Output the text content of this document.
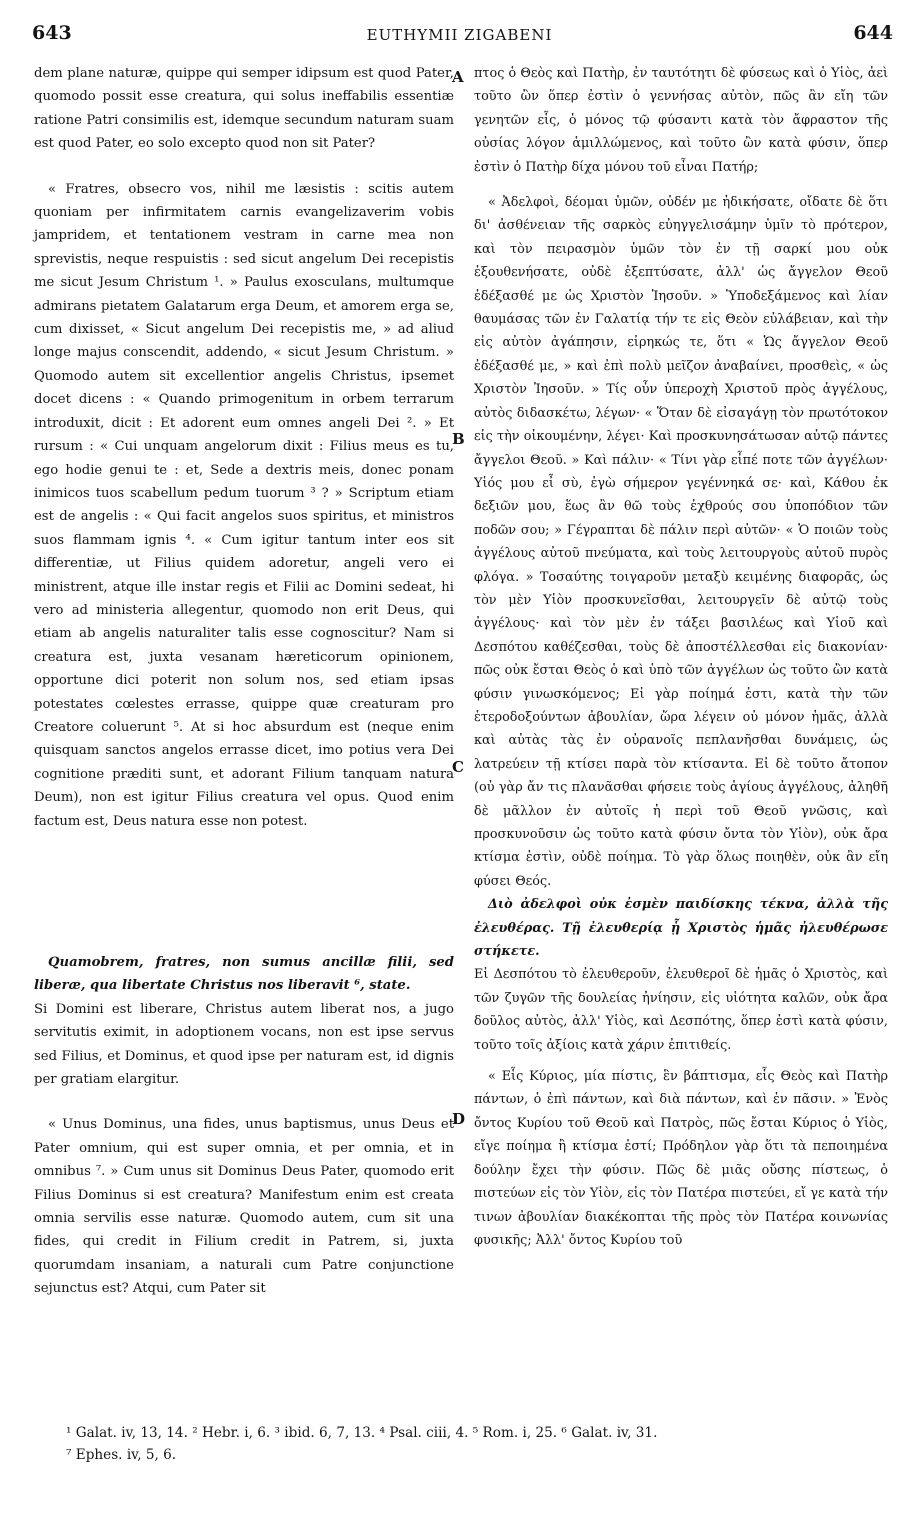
643	EUTHYMII ZIGABENI	644
A
B
C
D

dem plane naturæ, quippe qui semper idipsum est quod Pater, quomodo possit esse creatura, qui solus ineffabilis essentiæ ratione Patri consimilis est, idemque secundum naturam suam est quod Pater, eo solo excepto quod non sit Pater?

« Fratres, obsecro vos, nihil me læsistis : scitis autem quoniam per infirmitatem carnis evangelizaverim vobis jampridem, et tentationem vestram in carne mea non sprevistis, neque respuistis : sed sicut angelum Dei recepistis me sicut Jesum Christum ¹. » Paulus exosculans, multumque admirans pietatem Galatarum erga Deum, et amorem erga se, cum dixisset, « Sicut angelum Dei recepistis me, » ad aliud longe majus conscendit, addendo, « sicut Jesum Christum. » Quomodo autem sit excellentior angelis Christus, ipsemet docet dicens : « Quando primogenitum in orbem terrarum introduxit, dicit : Et adorent eum omnes angeli Dei ². » Et rursum : « Cui unquam angelorum dixit : Filius meus es tu, ego hodie genui te : et, Sede a dextris meis, donec ponam inimicos tuos scabellum pedum tuorum ³ ? » Scriptum etiam est de angelis : « Qui facit angelos suos spiritus, et ministros suos flammam ignis ⁴. « Cum igitur tantum inter eos sit differentiæ, ut Filius quidem adoretur, angeli vero ei ministrent, atque ille instar regis et Filii ac Domini sedeat, hi vero ad ministeria allegentur, quomodo non erit Deus, qui etiam ab angelis naturaliter talis esse cognoscitur? Nam si creatura est, juxta vesanam hæreticorum opinionem, opportune dici poterit non solum nos, sed etiam ipsas potestates cœlestes errasse, quippe quæ creaturam pro Creatore coluerunt ⁵. At si hoc absurdum est (neque enim quisquam sanctos angelos errasse dicet, imo potius vera Dei cognitione præditi sunt, et adorant Filium tanquam natura Deum), non est igitur Filius creatura vel opus. Quod enim factum est, Deus natura esse non potest.

Quamobrem, fratres, non sumus ancillæ filii, sed liberæ, qua libertate Christus nos liberavit ⁶, state.

Si Domini est liberare, Christus autem liberat nos, a jugo servitutis eximit, in adoptionem vocans, non est ipse servus sed Filius, et Dominus, et quod ipse per naturam est, id dignis per gratiam elargitur.

« Unus Dominus, una fides, unus baptismus, unus Deus et Pater omnium, qui est super omnia, et per omnia, et in omnibus ⁷. » Cum unus sit Dominus Deus Pater, quomodo erit Filius Dominus si est creatura? Manifestum enim est creata omnia servilis esse naturæ. Quomodo autem, cum sit una fides, qui credit in Filium credit in Patrem, si, juxta quorumdam insaniam, a naturali cum Patre conjunctione sejunctus est? Atqui, cum Pater sit

πτος ὁ Θεὸς καὶ Πατὴρ, ἐν ταυτότητι δὲ φύσεως καὶ ὁ Υἱὸς, ἀεὶ τοῦτο ὢν ὅπερ ἐστὶν ὁ γεννήσας αὐτὸν, πῶς ἂν εἴη τῶν γενητῶν εἷς, ὁ μόνος τῷ φύσαντι κατὰ τὸν ἄφραστον τῆς οὐσίας λόγον ἁμιλλώμενος, καὶ τοῦτο ὢν κατὰ φύσιν, ὅπερ ἐστὶν ὁ Πατὴρ δίχα μόνου τοῦ εἶναι Πατήρ;

« Ἀδελφοὶ, δέομαι ὑμῶν, οὐδέν με ἠδικήσατε, οἴδατε δὲ ὅτι δι' ἀσθένειαν τῆς σαρκὸς εὐηγγελισάμην ὑμῖν τὸ πρότερον, καὶ τὸν πειρασμὸν ὑμῶν τὸν ἐν τῇ σαρκί μου οὐκ ἐξουθενήσατε, οὐδὲ ἐξεπτύσατε, ἀλλ' ὡς ἄγγελον Θεοῦ ἐδέξασθέ με ὡς Χριστὸν Ἰησοῦν. » Ὑποδεξάμενος καὶ λίαν θαυμάσας τῶν ἐν Γαλατίᾳ τήν τε εἰς Θεὸν εὐλάβειαν, καὶ τὴν εἰς αὐτὸν ἀγάπησιν, εἰρηκώς τε, ὅτι « Ὡς ἄγγελον Θεοῦ ἐδέξασθέ με, » καὶ ἐπὶ πολὺ μεῖζον ἀναβαίνει, προσθεὶς, « ὡς Χριστὸν Ἰησοῦν. » Τίς οὖν ὑπεροχὴ Χριστοῦ πρὸς ἀγγέλους, αὐτὸς διδασκέτω, λέγων· « Ὅταν δὲ εἰσαγάγῃ τὸν πρωτότοκον εἰς τὴν οἰκουμένην, λέγει· Καὶ προσκυνησάτωσαν αὐτῷ πάντες ἄγγελοι Θεοῦ. » Καὶ πάλιν· « Τίνι γὰρ εἶπέ ποτε τῶν ἀγγέλων· Υἱός μου εἶ σὺ, ἐγὼ σήμερον γεγέννηκά σε· καὶ, Κάθου ἐκ δεξιῶν μου, ἕως ἂν θῶ τοὺς ἐχθρούς σου ὑποπόδιον τῶν ποδῶν σου; » Γέγραπται δὲ πάλιν περὶ αὐτῶν· « Ὁ ποιῶν τοὺς ἀγγέλους αὐτοῦ πνεύματα, καὶ τοὺς λειτουργοὺς αὐτοῦ πυρὸς φλόγα. » Τοσαύτης τοιγαροῦν μεταξὺ κειμένης διαφορᾶς, ὡς τὸν μὲν Υἱὸν προσκυνεῖσθαι, λειτουργεῖν δὲ αὐτῷ τοὺς ἀγγέλους· καὶ τὸν μὲν ἐν τάξει βασιλέως καὶ Υἱοῦ καὶ Δεσπότου καθέζεσθαι, τοὺς δὲ ἀποστέλλεσθαι εἰς διακονίαν· πῶς οὐκ ἔσται Θεὸς ὁ καὶ ὑπὸ τῶν ἀγγέλων ὡς τοῦτο ὢν κατὰ φύσιν γινωσκόμενος; Εἰ γὰρ ποίημά ἐστι, κατὰ τὴν τῶν ἑτεροδοξούντων ἀβουλίαν, ὥρα λέγειν οὐ μόνον ἡμᾶς, ἀλλὰ καὶ αὐτὰς τὰς ἐν οὐρανοῖς πεπλανῆσθαι δυνάμεις, ὡς λατρεύειν τῇ κτίσει παρὰ τὸν κτίσαντα. Εἰ δὲ τοῦτο ἄτοπον (οὐ γὰρ ἄν τις πλανᾶσθαι φήσειε τοὺς ἁγίους ἀγγέλους, ἀληθῆ δὲ μᾶλλον ἐν αὐτοῖς ἡ περὶ τοῦ Θεοῦ γνῶσις, καὶ προσκυνοῦσιν ὡς τοῦτο κατὰ φύσιν ὄντα τὸν Υἱὸν), οὐκ ἄρα κτίσμα ἐστὶν, οὐδὲ ποίημα. Τὸ γὰρ ὅλως ποιηθὲν, οὐκ ἂν εἴη φύσει Θεός.

Διὸ ἀδελφοὶ οὐκ ἐσμὲν παιδίσκης τέκνα, ἀλλὰ τῆς ἐλευθέρας. Τῇ ἐλευθερίᾳ ᾗ Χριστὸς ἡμᾶς ἠλευθέρωσε στήκετε.

Εἰ Δεσπότου τὸ ἐλευθεροῦν, ἐλευθεροῖ δὲ ἡμᾶς ὁ Χριστὸς, καὶ τῶν ζυγῶν τῆς δουλείας ἠνίησιν, εἰς υἱότητα καλῶν, οὐκ ἄρα δοῦλος αὐτὸς, ἀλλ' Υἱὸς, καὶ Δεσπότης, ὅπερ ἐστὶ κατὰ φύσιν, τοῦτο τοῖς ἀξίοις κατὰ χάριν ἐπιτιθείς.

« Εἷς Κύριος, μία πίστις, ἓν βάπτισμα, εἷς Θεὸς καὶ Πατὴρ πάντων, ὁ ἐπὶ πάντων, καὶ διὰ πάντων, καὶ ἐν πᾶσιν. » Ἑνὸς ὄντος Κυρίου τοῦ Θεοῦ καὶ Πατρὸς, πῶς ἔσται Κύριος ὁ Υἱὸς, εἴγε ποίημα ἢ κτίσμα ἐστί; Πρόδηλον γὰρ ὅτι τὰ πεποιημένα δούλην ἔχει τὴν φύσιν. Πῶς δὲ μιᾶς οὔσης πίστεως, ὁ πιστεύων εἰς τὸν Υἱὸν, εἰς τὸν Πατέρα πιστεύει, εἴ γε κατὰ τήν τινων ἀβουλίαν διακέκοπται τῆς πρὸς τὸν Πατέρα κοινωνίας φυσικῆς; Ἀλλ' ὄντος Κυρίου τοῦ

¹ Galat. iv, 13, 14. ² Hebr. i, 6. ³ ibid. 6, 7, 13. ⁴ Psal. ciii, 4. ⁵ Rom. i, 25. ⁶ Galat. iv, 31.
⁷ Ephes. iv, 5, 6.
